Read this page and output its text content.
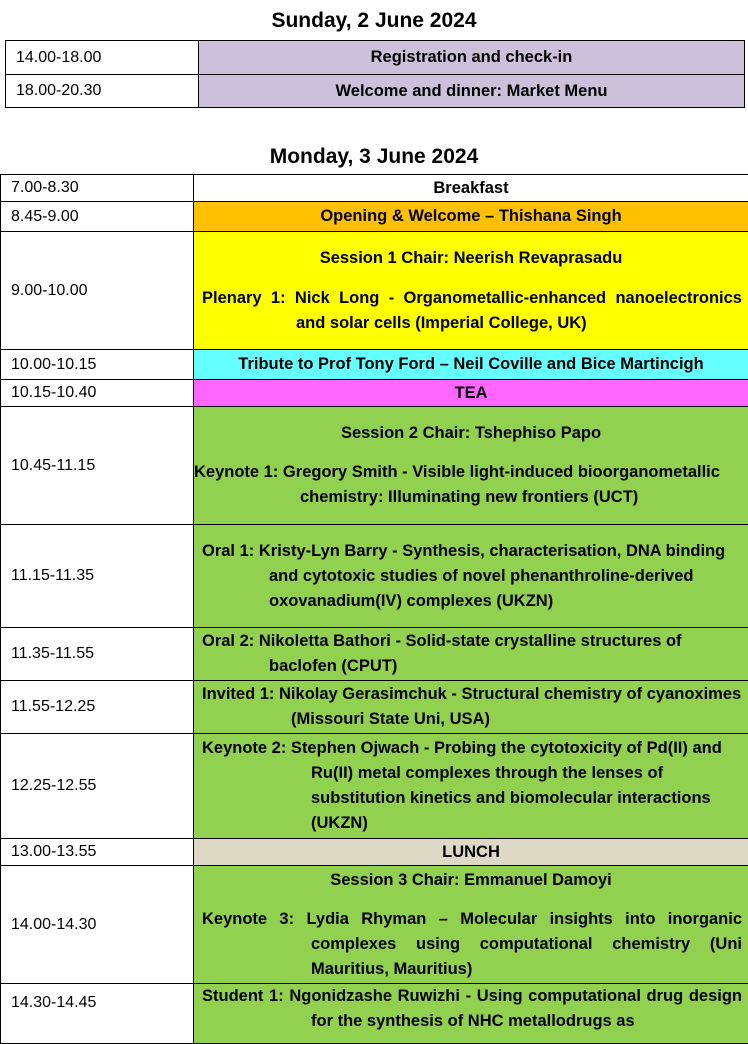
Sunday, 2 June 2024
14.00-18.00	Registration and check-in
18.00-20.30	Welcome and dinner: Market Menu
Monday, 3 June 2024
7.00-8.30	Breakfast
8.45-9.00	Opening & Welcome – Thishana Singh
9.00-10.00	Session 1 Chair: Neerish Revaprasadu
Plenary 1: Nick Long - Organometallic-enhanced nanoelectronics and solar cells (Imperial College, UK)

10.00-10.15	Tribute to Prof Tony Ford – Neil Coville and Bice Martincigh
10.15-10.40	TEA
10.45-11.15	Session 2 Chair: Tshephiso Papo
Keynote 1: Gregory Smith - Visible light-induced bioorganometallic chemistry: Illuminating new frontiers (UCT)

11.15-11.35	Oral 1: Kristy-Lyn Barry - Synthesis, characterisation, DNA binding and cytotoxic studies of novel phenanthroline-derived oxovanadium(IV) complexes (UKZN)
11.35-11.55	Oral 2: Nikoletta Bathori - Solid-state crystalline structures of baclofen (CPUT)
11.55-12.25	Invited 1: Nikolay Gerasimchuk - Structural chemistry of cyanoximes (Missouri State Uni, USA)
12.25-12.55	Keynote 2: Stephen Ojwach - Probing the cytotoxicity of Pd(II) and Ru(II) metal complexes through the lenses of substitution kinetics and biomolecular interactions (UKZN)
13.00-13.55	LUNCH
14.00-14.30	Session 3 Chair: Emmanuel Damoyi
Keynote 3: Lydia Rhyman – Molecular insights into inorganic complexes using computational chemistry (Uni Mauritius, Mauritius)

14.30-14.45	Student 1: Ngonidzashe Ruwizhi - Using computational drug design for the synthesis of NHC metallodrugs as
